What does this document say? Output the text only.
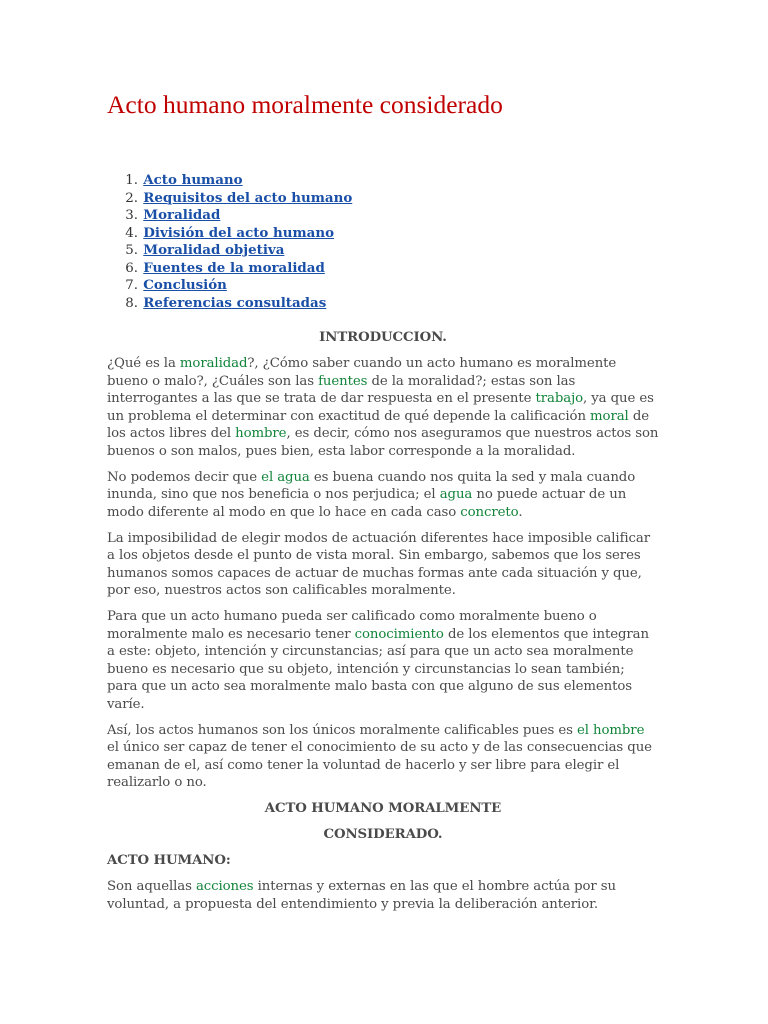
Acto humano moralmente considerado
1.
Acto humano
2.
Requisitos del acto humano
3.
Moralidad
4.
División del acto humano
5.
Moralidad objetiva
6.
Fuentes de la moralidad
7.
Conclusión
8.
Referencias consultadas
INTRODUCCION.

¿Qué es la moralidad?, ¿Cómo saber cuando un acto humano es moralmente bueno o malo?, ¿Cuáles son las fuentes de la moralidad?; estas son las interrogantes a las que se trata de dar respuesta en el presente trabajo, ya que es un problema el determinar con exactitud de qué depende la calificación moral de los actos libres del hombre, es decir, cómo nos aseguramos que nuestros actos son buenos o son malos, pues bien, esta labor corresponde a la moralidad.

No podemos decir que el agua es buena cuando nos quita la sed y mala cuando inunda, sino que nos beneficia o nos perjudica; el agua no puede actuar de un modo diferente al modo en que lo hace en cada caso concreto.

La imposibilidad de elegir modos de actuación diferentes hace imposible calificar a los objetos desde el punto de vista moral. Sin embargo, sabemos que los seres humanos somos capaces de actuar de muchas formas ante cada situación y que, por eso, nuestros actos son calificables moralmente.

Para que un acto humano pueda ser calificado como moralmente bueno o moralmente malo es necesario tener conocimiento de los elementos que integran a este: objeto, intención y circunstancias; así para que un acto sea moralmente bueno es necesario que su objeto, intención y circunstancias lo sean también; para que un acto sea moralmente malo basta con que alguno de sus elementos varíe.

Así, los actos humanos son los únicos moralmente calificables pues es el hombre el único ser capaz de tener el conocimiento de su acto y de las consecuencias que emanan de el, así como tener la voluntad de hacerlo y ser libre para elegir el realizarlo o no.

ACTO HUMANO MORALMENTE
CONSIDERADO.
ACTO HUMANO:

Son aquellas acciones internas y externas en las que el hombre actúa por su voluntad, a propuesta del entendimiento y previa la deliberación anterior.
